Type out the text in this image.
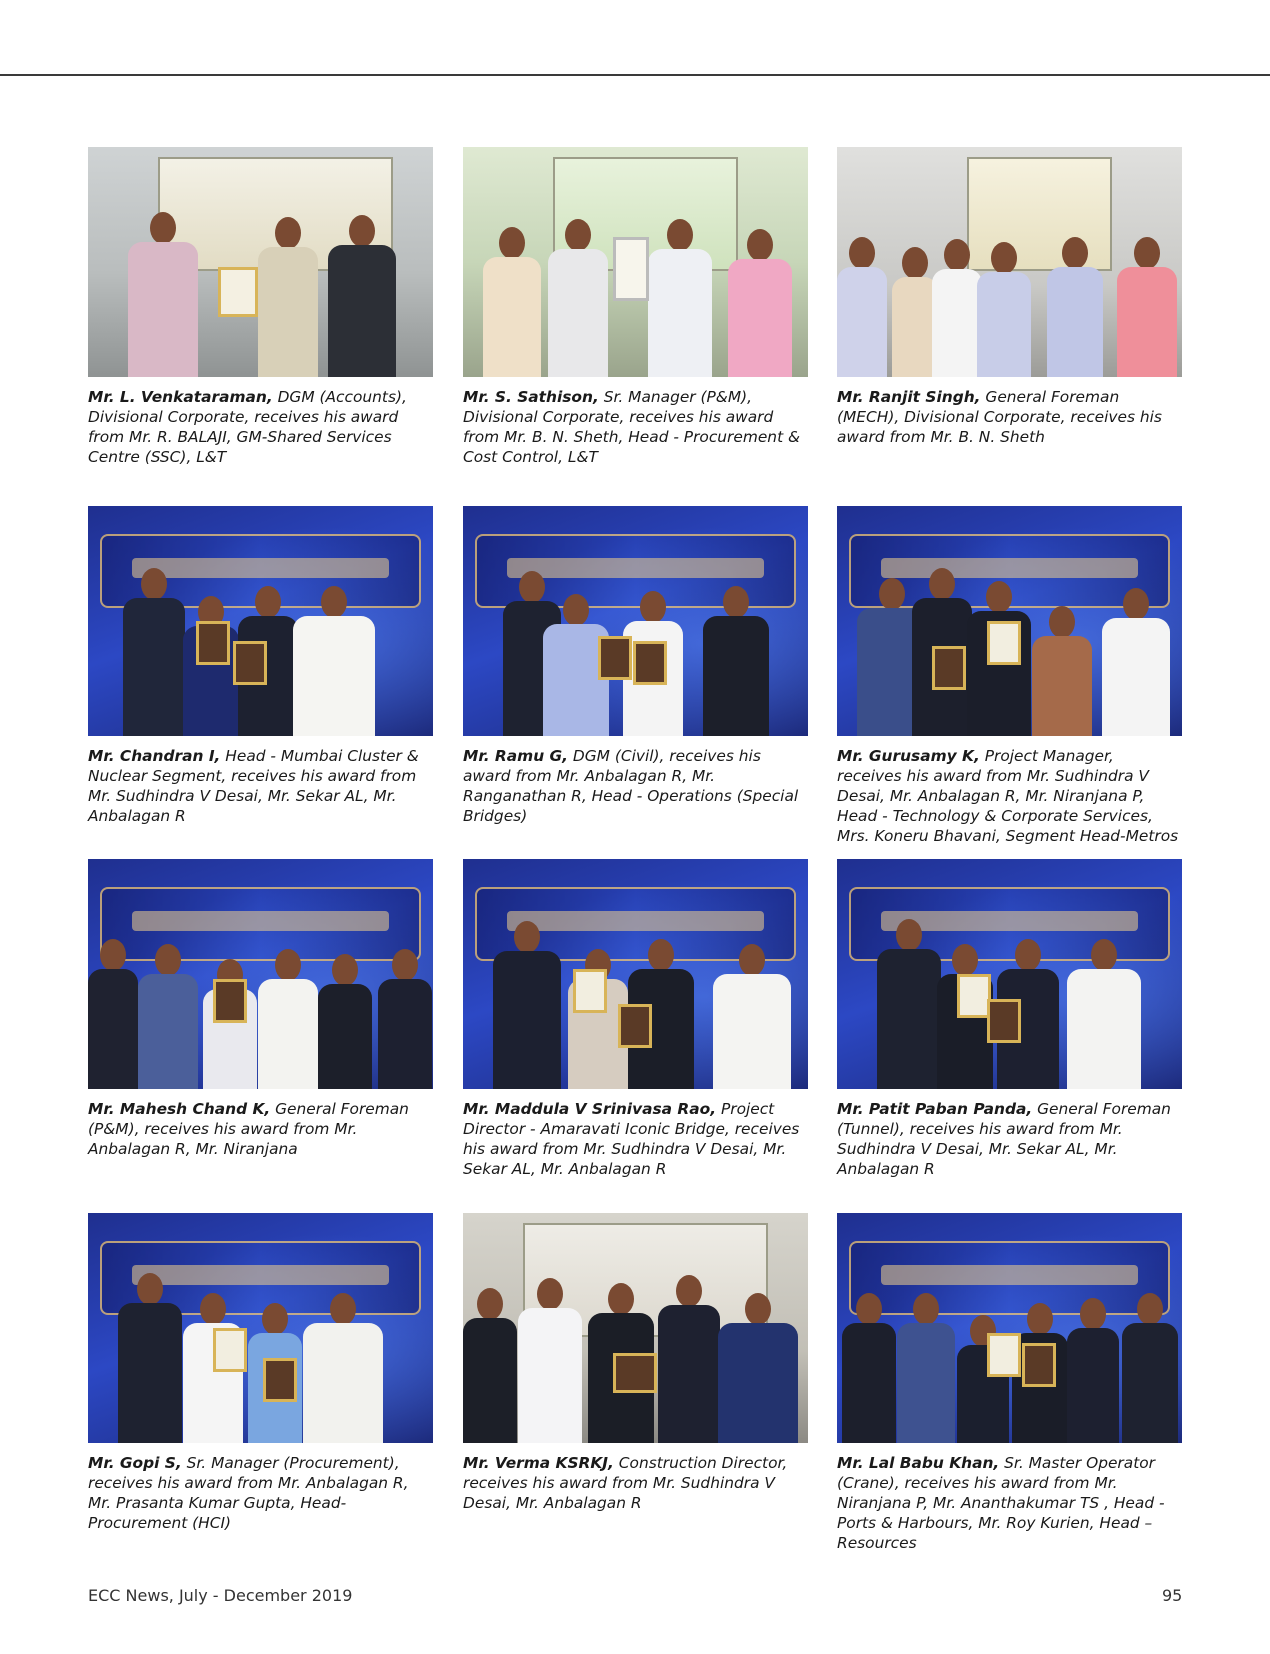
Mr. L. Venkataraman, DGM (Accounts), Divisional Corporate, receives his award from Mr. R. BALAJI, GM-Shared Services Centre (SSC), L&T
Mr. S. Sathison, Sr. Manager (P&M), Divisional Corporate, receives his award from Mr. B. N. Sheth, Head - Procurement & Cost Control, L&T
Mr. Ranjit Singh, General Foreman (MECH), Divisional Corporate, receives his award from Mr. B. N. Sheth
Mr. Chandran I, Head - Mumbai Cluster & Nuclear Segment, receives his award from Mr. Sudhindra V Desai, Mr. Sekar AL, Mr. Anbalagan R
Mr. Ramu G, DGM (Civil), receives his award from Mr. Anbalagan R, Mr. Ranganathan R, Head - Operations (Special Bridges)
Mr. Gurusamy K, Project Manager, receives his award from Mr. Sudhindra V Desai, Mr. Anbalagan R, Mr. Niranjana P, Head - Technology & Corporate Services, Mrs. Koneru Bhavani, Segment Head-Metros
Mr. Mahesh Chand K, General Foreman (P&M), receives his award from Mr. Anbalagan R, Mr. Niranjana
Mr. Maddula V Srinivasa Rao, Project Director - Amaravati Iconic Bridge, receives his award from Mr. Sudhindra V Desai, Mr. Sekar AL, Mr. Anbalagan R
Mr. Patit Paban Panda, General Foreman (Tunnel), receives his award from Mr. Sudhindra V Desai, Mr. Sekar AL, Mr. Anbalagan R
Mr. Gopi S, Sr. Manager (Procurement), receives his award from Mr. Anbalagan R, Mr. Prasanta Kumar Gupta, Head-Procurement (HCI)
Mr. Verma KSRKJ, Construction Director, receives his award from Mr. Sudhindra V Desai, Mr. Anbalagan R
Mr. Lal Babu Khan, Sr. Master Operator (Crane), receives his award from Mr. Niranjana P, Mr. Ananthakumar TS , Head - Ports & Harbours, Mr. Roy Kurien, Head – Resources
ECC News, July - December 2019	95
